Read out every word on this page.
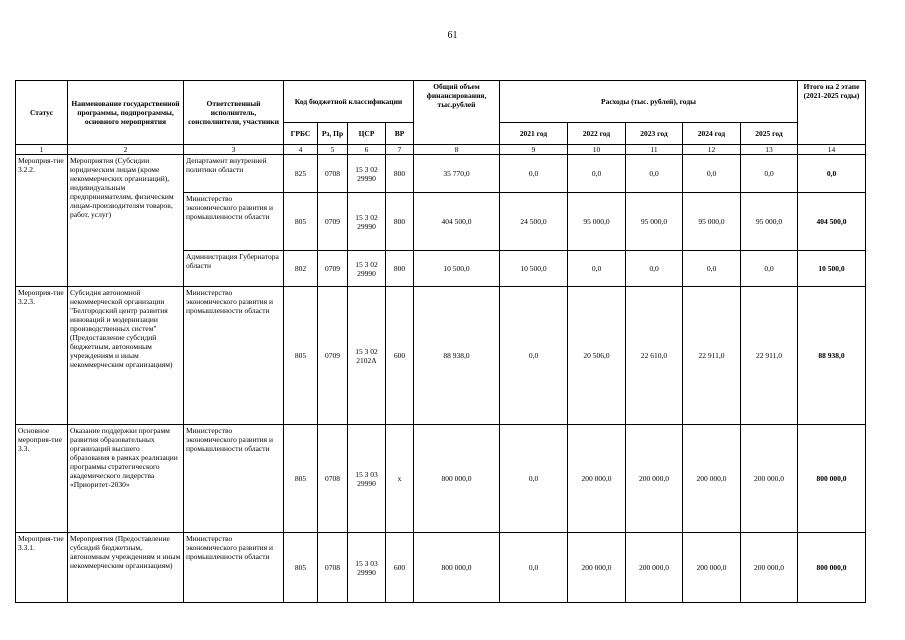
61
Статус	Наименование государственной программы, подпрограммы, основного мероприятия	Ответственный исполнитель, соисполнители, участники	Код бюджетной классификации				Общий объем финансирования, тыс.рублей	Расходы (тыс. рублей), годы					Итого на 2 этапе (2021-2025 годы)
			ГРБС	Рз, Пр	ЦСР	ВР		2021 год	2022 год	2023 год	2024 год	2025 год	
1	2	3	4	5	6	7	8	9	10	11	12	13	14
Мероприя-тие 3.2.2.	Мероприятия (Субсидии юридическим лицам (кроме некоммерческих организаций), индивидуальным предпринимателям, физическим лицам-производителям товаров, работ, услуг)	Департамент внутренней политики области	825	0708	15 3 02 29990	800	35 770,0	0,0	0,0	0,0	0,0	0,0	0,0
		Министерство экономического развития и промышленности области	805	0709	15 3 02 29990	800	404 500,0	24 500,0	95 000,0	95 000,0	95 000,0	95 000,0	404 500,0
		Администрация Губернатора области	802	0709	15 3 02 29990	800	10 500,0	10 500,0	0,0	0,0	0,0	0,0	10 500,0
Мероприя-тие 3.2.3.	Субсидия автономной некоммерческой организации "Белгородский центр развития инноваций и модернизации производственных систем"(Предоставление субсидий бюджетным, автономным учреждениям и иным некоммерческим организациям)	Министерство экономического развития и промышленности области	805	0709	15 3 02 2102А	600	88 938,0	0,0	20 506,0	22 610,0	22 911,0	22 911,0	88 938,0
Основное мероприя-тие 3.3.	Оказание поддержки программ развития образовательных организаций высшего образования в рамках реализации программы стратегического академического лидерства «Приоритет-2030»	Министерство экономического развития и промышленности области	805	0708	15 3 03 29990	х	800 000,0	0,0	200 000,0	200 000,0	200 000,0	200 000,0	800 000,0
Мероприя-тие 3.3.1.	Мероприятия (Предоставление субсидий бюджетным, автономным учреждениям и иным некоммерческим организациям)	Министерство экономического развития и промышленности области	805	0708	15 3 03 29990	600	800 000,0	0,0	200 000,0	200 000,0	200 000,0	200 000,0	800 000,0
